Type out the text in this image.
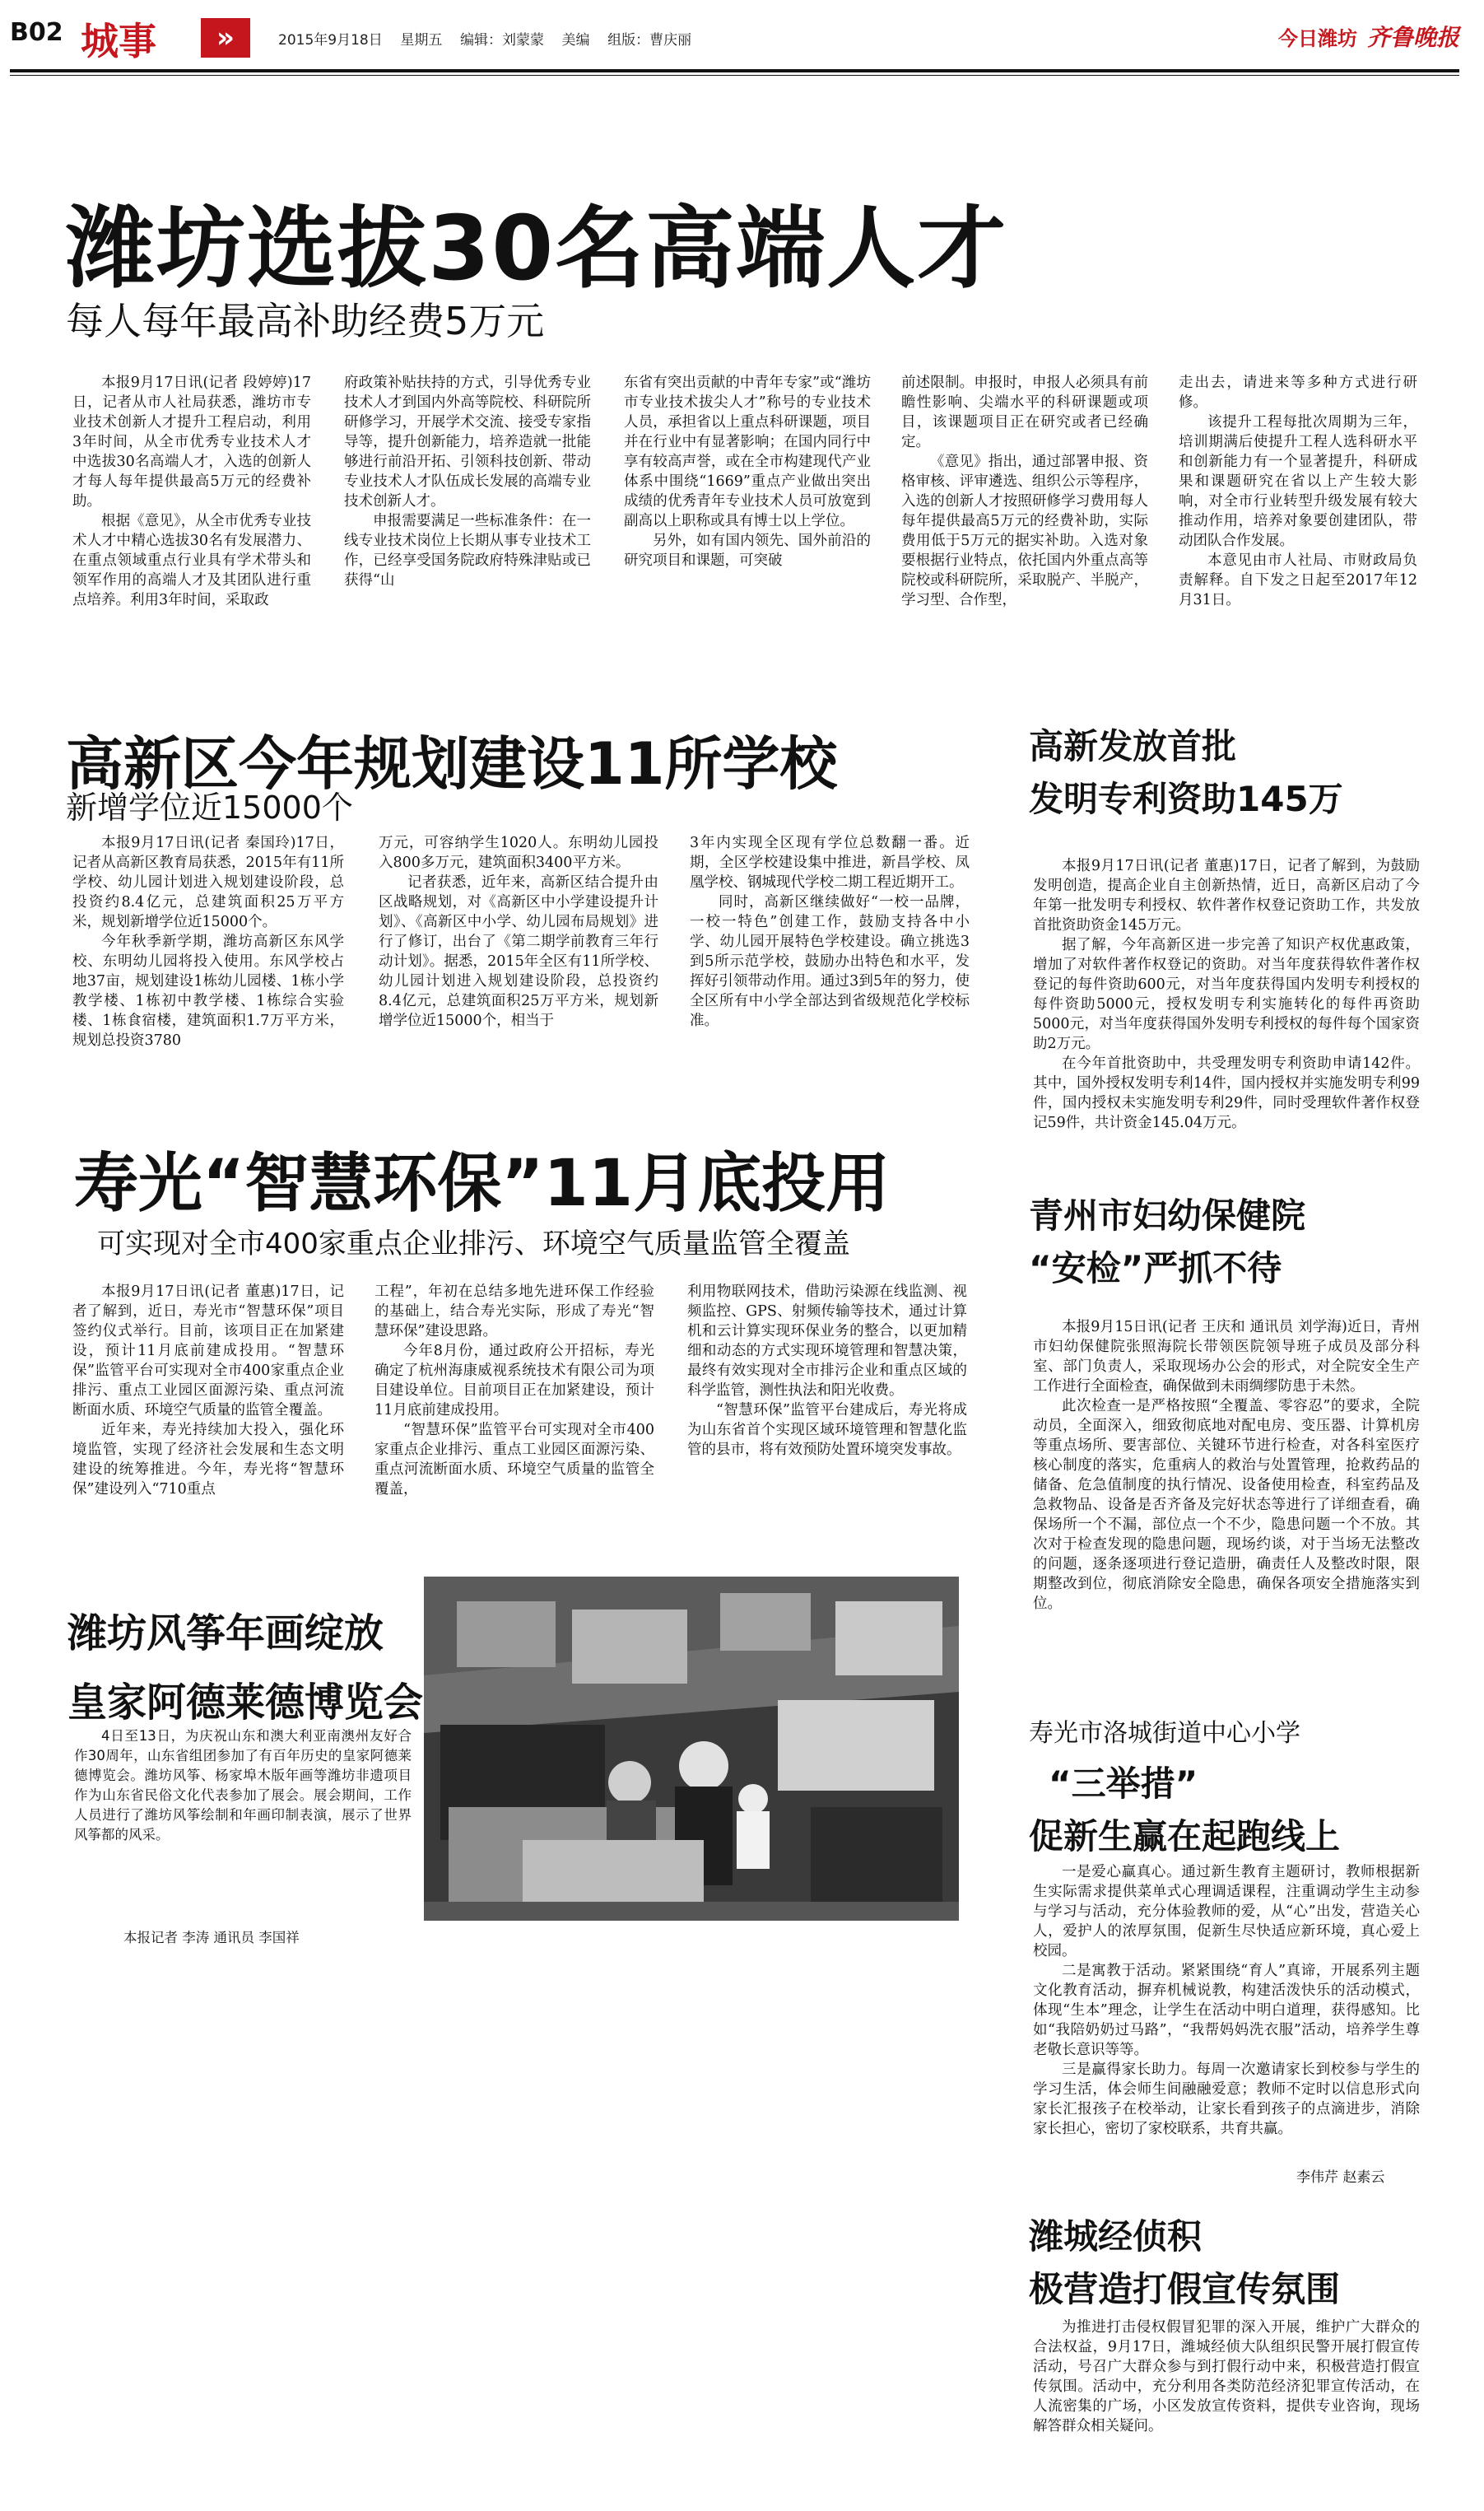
B02 城事	»	2015年9月18日    星期五    编辑：刘蒙蒙    美编    组版：曹庆丽	今日潍坊 齐鲁晚报
潍坊选拔30名高端人才
每人每年最高补助经费5万元

本报9月17日讯(记者 段婷婷)17日，记者从市人社局获悉，潍坊市专业技术创新人才提升工程启动，利用3年时间，从全市优秀专业技术人才中选拔30名高端人才，入选的创新人才每人每年提供最高5万元的经费补助。

根据《意见》，从全市优秀专业技术人才中精心选拔30名有发展潜力、在重点领域重点行业具有学术带头和领军作用的高端人才及其团队进行重点培养。利用3年时间，采取政

府政策补贴扶持的方式，引导优秀专业技术人才到国内外高等院校、科研院所研修学习，开展学术交流、接受专家指导等，提升创新能力，培养造就一批能够进行前沿开拓、引领科技创新、带动专业技术人才队伍成长发展的高端专业技术创新人才。

申报需要满足一些标准条件：在一线专业技术岗位上长期从事专业技术工作，已经享受国务院政府特殊津贴或已获得“山

东省有突出贡献的中青年专家”或“潍坊市专业技术拔尖人才”称号的专业技术人员，承担省以上重点科研课题，项目并在行业中有显著影响；在国内同行中享有较高声誉，或在全市构建现代产业体系中围绕“1669”重点产业做出突出成绩的优秀青年专业技术人员可放宽到副高以上职称或具有博士以上学位。

另外，如有国内领先、国外前沿的研究项目和课题，可突破

前述限制。申报时，申报人必须具有前瞻性影响、尖端水平的科研课题或项目，该课题项目正在研究或者已经确定。

《意见》指出，通过部署申报、资格审核、评审遴选、组织公示等程序，入选的创新人才按照研修学习费用每人每年提供最高5万元的经费补助，实际费用低于5万元的据实补助。入选对象要根据行业特点，依托国内外重点高等院校或科研院所，采取脱产、半脱产，学习型、合作型，

走出去，请进来等多种方式进行研修。

该提升工程每批次周期为三年，培训期满后使提升工程人选科研水平和创新能力有一个显著提升，科研成果和课题研究在省以上产生较大影响，对全市行业转型升级发展有较大推动作用，培养对象要创建团队，带动团队合作发展。

本意见由市人社局、市财政局负责解释。自下发之日起至2017年12月31日。

高新区今年规划建设11所学校
新增学位近15000个

本报9月17日讯(记者 秦国玲)17日，记者从高新区教育局获悉，2015年有11所学校、幼儿园计划进入规划建设阶段，总投资约8.4亿元，总建筑面积25万平方米，规划新增学位近15000个。

今年秋季新学期，潍坊高新区东风学校、东明幼儿园将投入使用。东风学校占地37亩，规划建设1栋幼儿园楼、1栋小学教学楼、1栋初中教学楼、1栋综合实验楼、1栋食宿楼，建筑面积1.7万平方米，规划总投资3780

万元，可容纳学生1020人。东明幼儿园投入800多万元，建筑面积3400平方米。

记者获悉，近年来，高新区结合提升由区战略规划，对《高新区中小学建设提升计划》、《高新区中小学、幼儿园布局规划》进行了修订，出台了《第二期学前教育三年行动计划》。据悉，2015年全区有11所学校、幼儿园计划进入规划建设阶段，总投资约8.4亿元，总建筑面积25万平方米，规划新增学位近15000个，相当于

3年内实现全区现有学位总数翻一番。近期，全区学校建设集中推进，新昌学校、凤凰学校、钢城现代学校二期工程近期开工。

同时，高新区继续做好“一校一品牌，一校一特色”创建工作，鼓励支持各中小学、幼儿园开展特色学校建设。确立挑选3到5所示范学校，鼓励办出特色和水平，发挥好引领带动作用。通过3到5年的努力，使全区所有中小学全部达到省级规范化学校标准。

寿光“智慧环保”11月底投用
可实现对全市400家重点企业排污、环境空气质量监管全覆盖

本报9月17日讯(记者 董惠)17日，记者了解到，近日，寿光市“智慧环保”项目签约仪式举行。目前，该项目正在加紧建设，预计11月底前建成投用。“智慧环保”监管平台可实现对全市400家重点企业排污、重点工业园区面源污染、重点河流断面水质、环境空气质量的监管全覆盖。

近年来，寿光持续加大投入，强化环境监管，实现了经济社会发展和生态文明建设的统筹推进。今年，寿光将“智慧环保”建设列入“710重点

工程”，年初在总结多地先进环保工作经验的基础上，结合寿光实际，形成了寿光“智慧环保”建设思路。

今年8月份，通过政府公开招标，寿光确定了杭州海康威视系统技术有限公司为项目建设单位。目前项目正在加紧建设，预计11月底前建成投用。

“智慧环保”监管平台可实现对全市400家重点企业排污、重点工业园区面源污染、重点河流断面水质、环境空气质量的监管全覆盖，

利用物联网技术，借助污染源在线监测、视频监控、GPS、射频传输等技术，通过计算机和云计算实现环保业务的整合，以更加精细和动态的方式实现环境管理和智慧决策，最终有效实现对全市排污企业和重点区域的科学监管，测性执法和阳光收费。

“智慧环保”监管平台建成后，寿光将成为山东省首个实现区域环境管理和智慧化监管的县市，将有效预防处置环境突发事故。

潍坊风筝年画绽放
皇家阿德莱德博览会

4日至13日，为庆祝山东和澳大利亚南澳州友好合作30周年，山东省组团参加了有百年历史的皇家阿德莱德博览会。潍坊风筝、杨家埠木版年画等潍坊非遗项目作为山东省民俗文化代表参加了展会。展会期间，工作人员进行了潍坊风筝绘制和年画印制表演，展示了世界风筝都的风采。

本报记者 李涛 通讯员 李国祥
高新发放首批
发明专利资助145万

本报9月17日讯(记者 董惠)17日，记者了解到，为鼓励发明创造，提高企业自主创新热情，近日，高新区启动了今年第一批发明专利授权、软件著作权登记资助工作，共发放首批资助资金145万元。

据了解，今年高新区进一步完善了知识产权优惠政策，增加了对软件著作权登记的资助。对当年度获得软件著作权登记的每件资助600元，对当年度获得国内发明专利授权的每件资助5000元，授权发明专利实施转化的每件再资助5000元，对当年度获得国外发明专利授权的每件每个国家资助2万元。

在今年首批资助中，共受理发明专利资助申请142件。其中，国外授权发明专利14件，国内授权并实施发明专利99件，国内授权未实施发明专利29件，同时受理软件著作权登记59件，共计资金145.04万元。

青州市妇幼保健院
“安检”严抓不待

本报9月15日讯(记者 王庆和 通讯员 刘学海)近日，青州市妇幼保健院张照海院长带领医院领导班子成员及部分科室、部门负责人，采取现场办公会的形式，对全院安全生产工作进行全面检查，确保做到未雨绸缪防患于未然。

此次检查一是严格按照“全覆盖、零容忍”的要求，全院动员，全面深入，细致彻底地对配电房、变压器、计算机房等重点场所、要害部位、关键环节进行检查，对各科室医疗核心制度的落实，危重病人的救治与处置管理，抢救药品的储备、危急值制度的执行情况、设备使用检查，科室药品及急救物品、设备是否齐备及完好状态等进行了详细查看，确保场所一个不漏，部位点一个不少，隐患问题一个不放。其次对于检查发现的隐患问题，现场约谈，对于当场无法整改的问题，逐条逐项进行登记造册，确责任人及整改时限，限期整改到位，彻底消除安全隐患，确保各项安全措施落实到位。

寿光市洛城街道中心小学
“三举措”
促新生赢在起跑线上

一是爱心赢真心。通过新生教育主题研讨，教师根据新生实际需求提供菜单式心理调适课程，注重调动学生主动参与学习与活动，充分体验教师的爱，从“心”出发，营造关心人，爱护人的浓厚氛围，促新生尽快适应新环境，真心爱上校园。

二是寓教于活动。紧紧围绕“育人”真谛，开展系列主题文化教育活动，摒弃机械说教，构建活泼快乐的活动模式，体现“生本”理念，让学生在活动中明白道理，获得感知。比如“我陪奶奶过马路”，“我帮妈妈洗衣服”活动，培养学生尊老敬长意识等等。

三是赢得家长助力。每周一次邀请家长到校参与学生的学习生活，体会师生间融融爱意；教师不定时以信息形式向家长汇报孩子在校举动，让家长看到孩子的点滴进步，消除家长担心，密切了家校联系，共育共赢。

李伟芹 赵素云
潍城经侦积
极营造打假宣传氛围

为推进打击侵权假冒犯罪的深入开展，维护广大群众的合法权益，9月17日，潍城经侦大队组织民警开展打假宣传活动，号召广大群众参与到打假行动中来，积极营造打假宣传氛围。活动中，充分利用各类防范经济犯罪宣传活动，在人流密集的广场，小区发放宣传资料，提供专业咨询，现场解答群众相关疑问。
